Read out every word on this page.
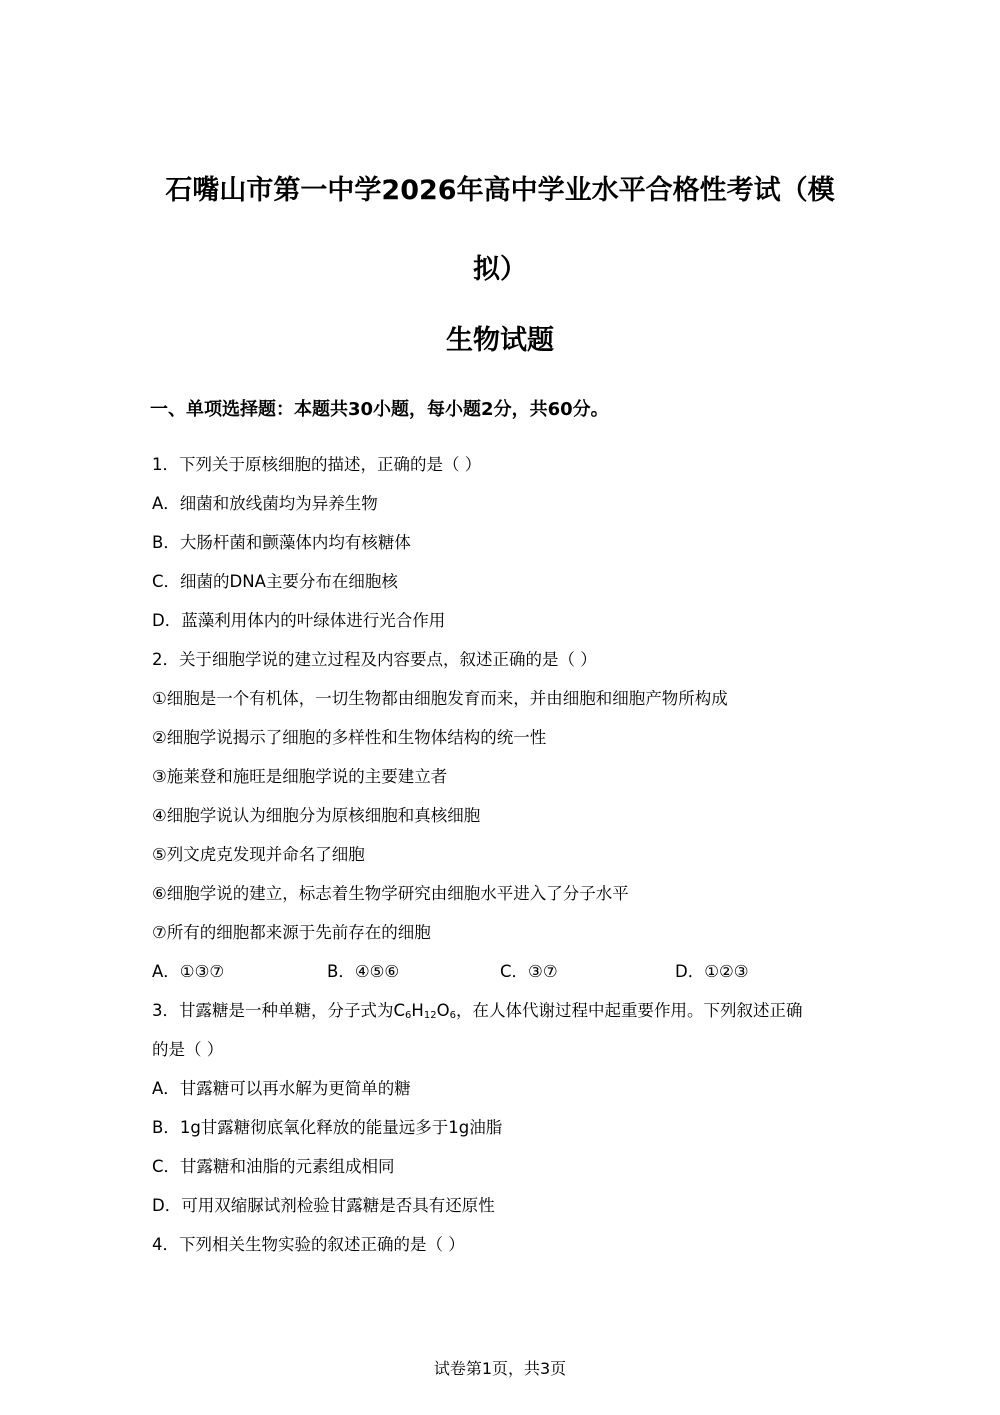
石嘴山市第一中学2026年高中学业水平合格性考试（模
拟）
生物试题
一、单项选择题：本题共30小题，每小题2分，共60分。
1．下列关于原核细胞的描述，正确的是（ ）
A．细菌和放线菌均为异养生物
B．大肠杆菌和颤藻体内均有核糖体
C．细菌的DNA主要分布在细胞核
D．蓝藻利用体内的叶绿体进行光合作用
2．关于细胞学说的建立过程及内容要点，叙述正确的是（ ）
①细胞是一个有机体，一切生物都由细胞发育而来，并由细胞和细胞产物所构成
②细胞学说揭示了细胞的多样性和生物体结构的统一性
③施莱登和施旺是细胞学说的主要建立者
④细胞学说认为细胞分为原核细胞和真核细胞
⑤列文虎克发现并命名了细胞
⑥细胞学说的建立，标志着生物学研究由细胞水平进入了分子水平
⑦所有的细胞都来源于先前存在的细胞
A．①③⑦	B．④⑤⑥	C．③⑦	D．①②③
3．甘露糖是一种单糖，分子式为$C_6H_{12}O_6$，在人体代谢过程中起重要作用。下列叙述正确
的是（ ）
A．甘露糖可以再水解为更简单的糖
B．1g甘露糖彻底氧化释放的能量远多于1g油脂
C．甘露糖和油脂的元素组成相同
D．可用双缩脲试剂检验甘露糖是否具有还原性
4．下列相关生物实验的叙述正确的是（ ）
试卷第1页，共3页
